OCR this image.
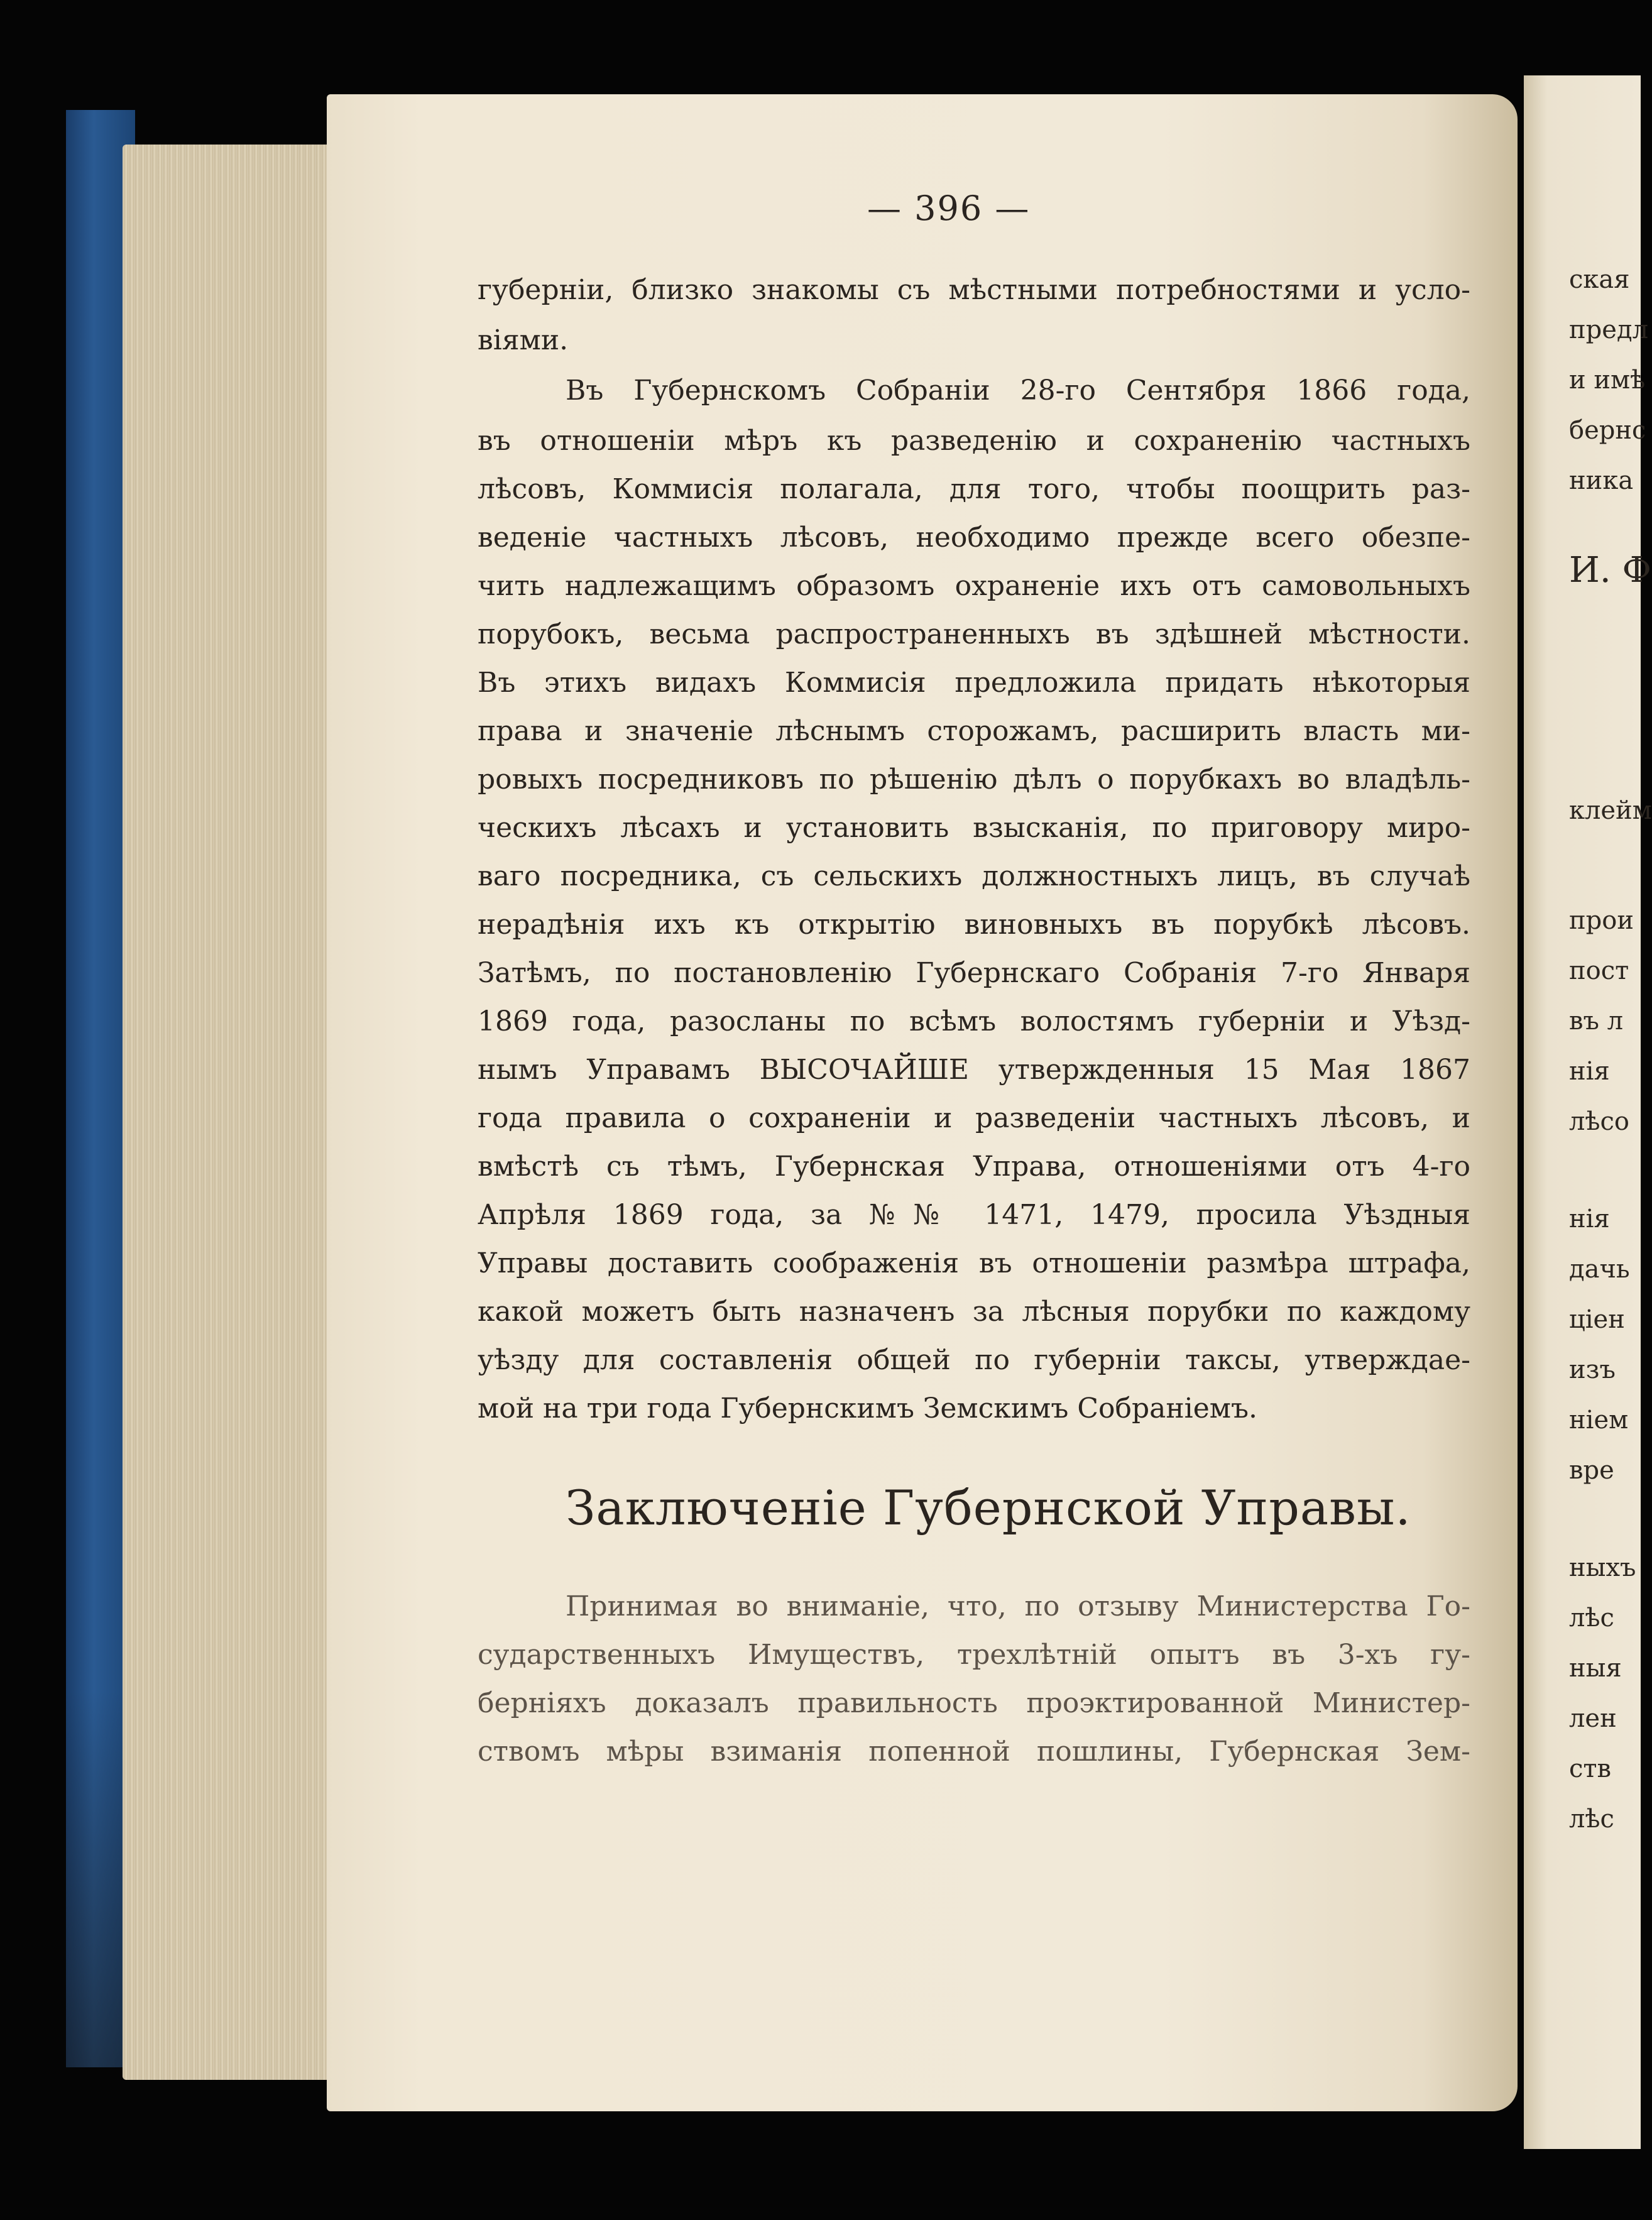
— 396 —
губерніи, близко знакомы съ мѣстными потребностями и усло-
віями.
Въ Губернскомъ Собраніи 28-го Сентября 1866 года,
въ отношеніи мѣръ къ разведенію и сохраненію частныхъ
лѣсовъ, Коммисія полагала, для того, чтобы поощрить раз-
веденіе частныхъ лѣсовъ, необходимо прежде всего обезпе-
чить надлежащимъ образомъ охраненіе ихъ отъ самовольныхъ
порубокъ, весьма распространенныхъ въ здѣшней мѣстности.
Въ этихъ видахъ Коммисія предложила придать нѣкоторыя
права и значеніе лѣснымъ сторожамъ, расширить власть ми-
ровыхъ посредниковъ по рѣшенію дѣлъ о порубкахъ во владѣль-
ческихъ лѣсахъ и установить взысканія, по приговору миро-
ваго посредника, съ сельскихъ должностныхъ лицъ, въ случаѣ
нерадѣнія ихъ къ открытію виновныхъ въ порубкѣ лѣсовъ.
Затѣмъ, по постановленію Губернскаго Собранія 7-го Января
1869 года, разосланы по всѣмъ волостямъ губерніи и Уѣзд-
нымъ Управамъ ВЫСОЧАЙШЕ утвержденныя 15 Мая 1867
года правила о сохраненіи и разведеніи частныхъ лѣсовъ, и
вмѣстѣ съ тѣмъ, Губернская Управа, отношеніями отъ 4-го
Апрѣля 1869 года, за №№ 1471, 1479, просила Уѣздныя
Управы доставить соображенія въ отношеніи размѣра штрафа,
какой можетъ быть назначенъ за лѣсныя порубки по каждому
уѣзду для составленія общей по губерніи таксы, утверждае-
мой на три года Губернскимъ Земскимъ Собраніемъ.
Заключеніе Губернской Управы.
Принимая во вниманіе, что, по отзыву Министерства Го-
сударственныхъ Имуществъ, трехлѣтній опытъ въ 3-хъ гу-
берніяхъ доказалъ правильность проэктированной Министер-
ствомъ мѣры взиманія попенной пошлины, Губернская Зем-
ская
предл
и имѣ
бернс
ника
И. Ф
клейм
прои
пост
въ л
нія
лѣсо
нія
дачь
ціен
изъ
ніем
вре
ныхъ
лѣс
ныя
лен
ств
лѣс
